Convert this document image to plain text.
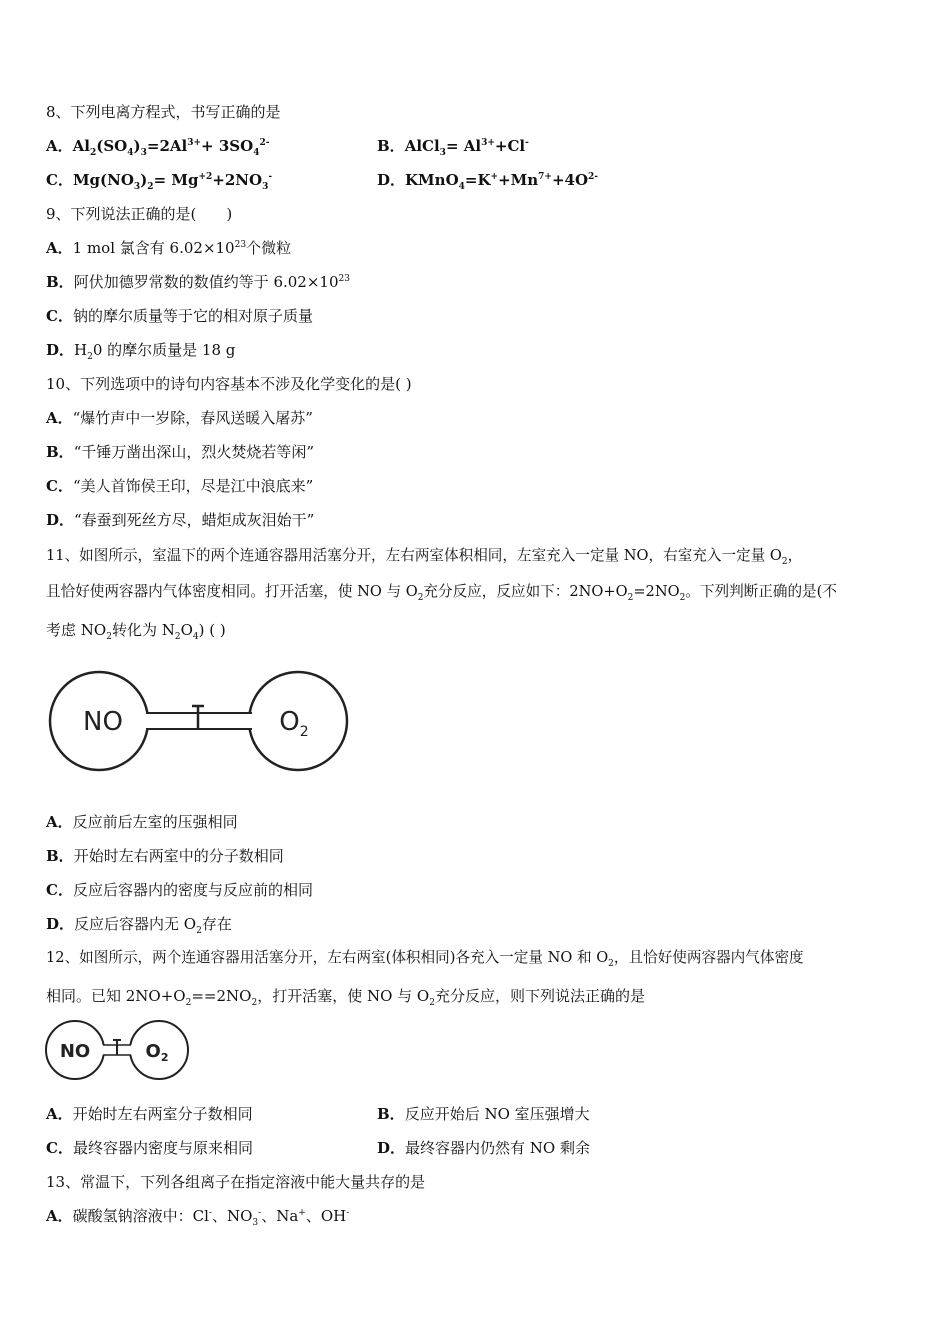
8、下列电离方程式，书写正确的是
A．$Al_2(SO_4)_3=2Al^{3+}+ 3SO_4^{2-}$	B．AlCl$_3$= $Al^{3+}+Cl^-$
C．$Mg(NO_3)_2= Mg^{+2}+2NO_3^-$	D．$KMnO_4=K^++Mn^{7+}+4O^{2-}$
9、下列说法正确的是(　　)
A．1 mol 氯含有 $6.02\times 10^{23}$个微粒
B．阿伏加德罗常数的数值约等于 $6.02\times 10^{23}$
C．钠的摩尔质量等于它的相对原子质量
D．$H_20$ 的摩尔质量是 18 g
10、下列选项中的诗句内容基本不涉及化学变化的是( )
A．“爆竹声中一岁除，春风送暖入屠苏”
B．“千锤万凿出深山，烈火焚烧若等闲”
C．“美人首饰侯王印，尽是江中浪底来”
D．“春蚕到死丝方尽，蜡炬成灰泪始干”
11、如图所示，室温下的两个连通容器用活塞分开，左右两室体积相同，左室充入一定量 NO，右室充入一定量 $O_2$，
且恰好使两容器内气体密度相同。打开活塞，使 NO 与 $O_2$充分反应，反应如下：$2NO+O_2=2NO_2$。下列判断正确的是(不
考虑 $NO_2$转化为 $N_2O_4$) ( )
NO	$O_2$
A．反应前后左室的压强相同
B．开始时左右两室中的分子数相同
C．反应后容器内的密度与反应前的相同
D．反应后容器内无 $O_2$存在
12、如图所示，两个连通容器用活塞分开，左右两室(体积相同)各充入一定量 NO 和 $O_2$，且恰好使两容器内气体密度
相同。已知 $2NO+O_2==2NO_2$，打开活塞，使 NO 与 $O_2$充分反应，则下列说法正确的是
NO	$O_2$
A．开始时左右两室分子数相同	B．反应开始后 NO 室压强增大
C．最终容器内密度与原来相同	D．最终容器内仍然有 NO 剩余
13、常温下，下列各组离子在指定溶液中能大量共存的是
A．碳酸氢钠溶液中：Cl-、$NO_3^-$、Na+、OH-
